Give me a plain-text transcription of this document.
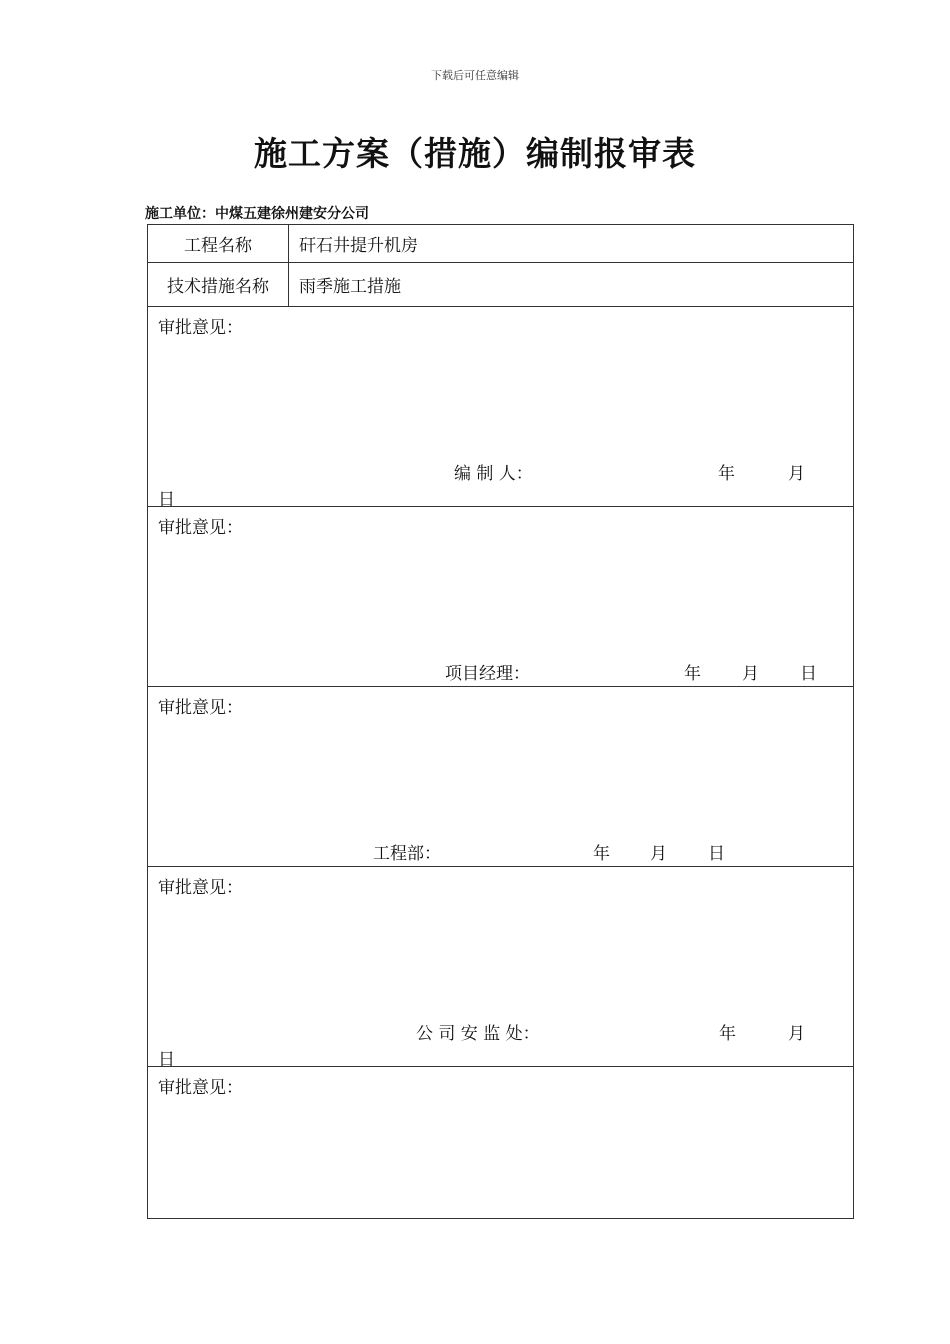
下载后可任意编辑
施工方案（措施）编制报审表
施工单位：中煤五建徐州建安分公司
工程名称	矸石井提升机房
技术措施名称	雨季施工措施
审批意见：
编 制 人：	年	月
日
审批意见：
项目经理：	年 月 日
审批意见：
工程部：	年 月 日
审批意见：
公 司 安 监 处：	年	月
日
审批意见：
